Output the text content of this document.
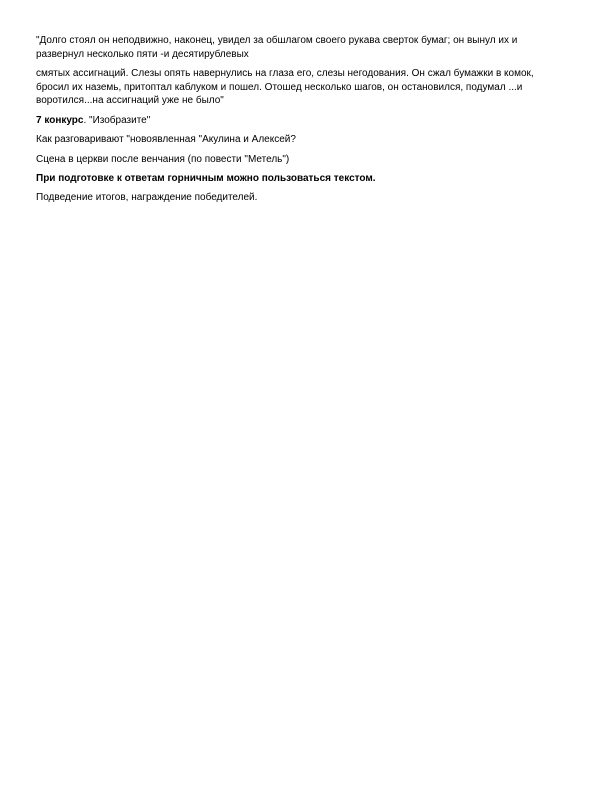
"Долго стоял он неподвижно, наконец, увидел за обшлагом своего рукава сверток бумаг; он вынул их и
развернул несколько пяти -и десятирублевых

смятых ассигнаций. Слезы опять навернулись на глаза его, слезы негодования. Он сжал бумажки в комок,
бросил их наземь, притоптал каблуком и пошел. Отошед несколько шагов, он остановился, подумал ...и
воротился...на ассигнаций уже не было"

7 конкурс. "Изобразите"

Как разговаривают "новоявленная "Акулина и Алексей?

Сцена в церкви после венчания (по повести "Метель")

При подготовке к ответам горничным можно пользоваться текстом.

Подведение итогов, награждение победителей.
